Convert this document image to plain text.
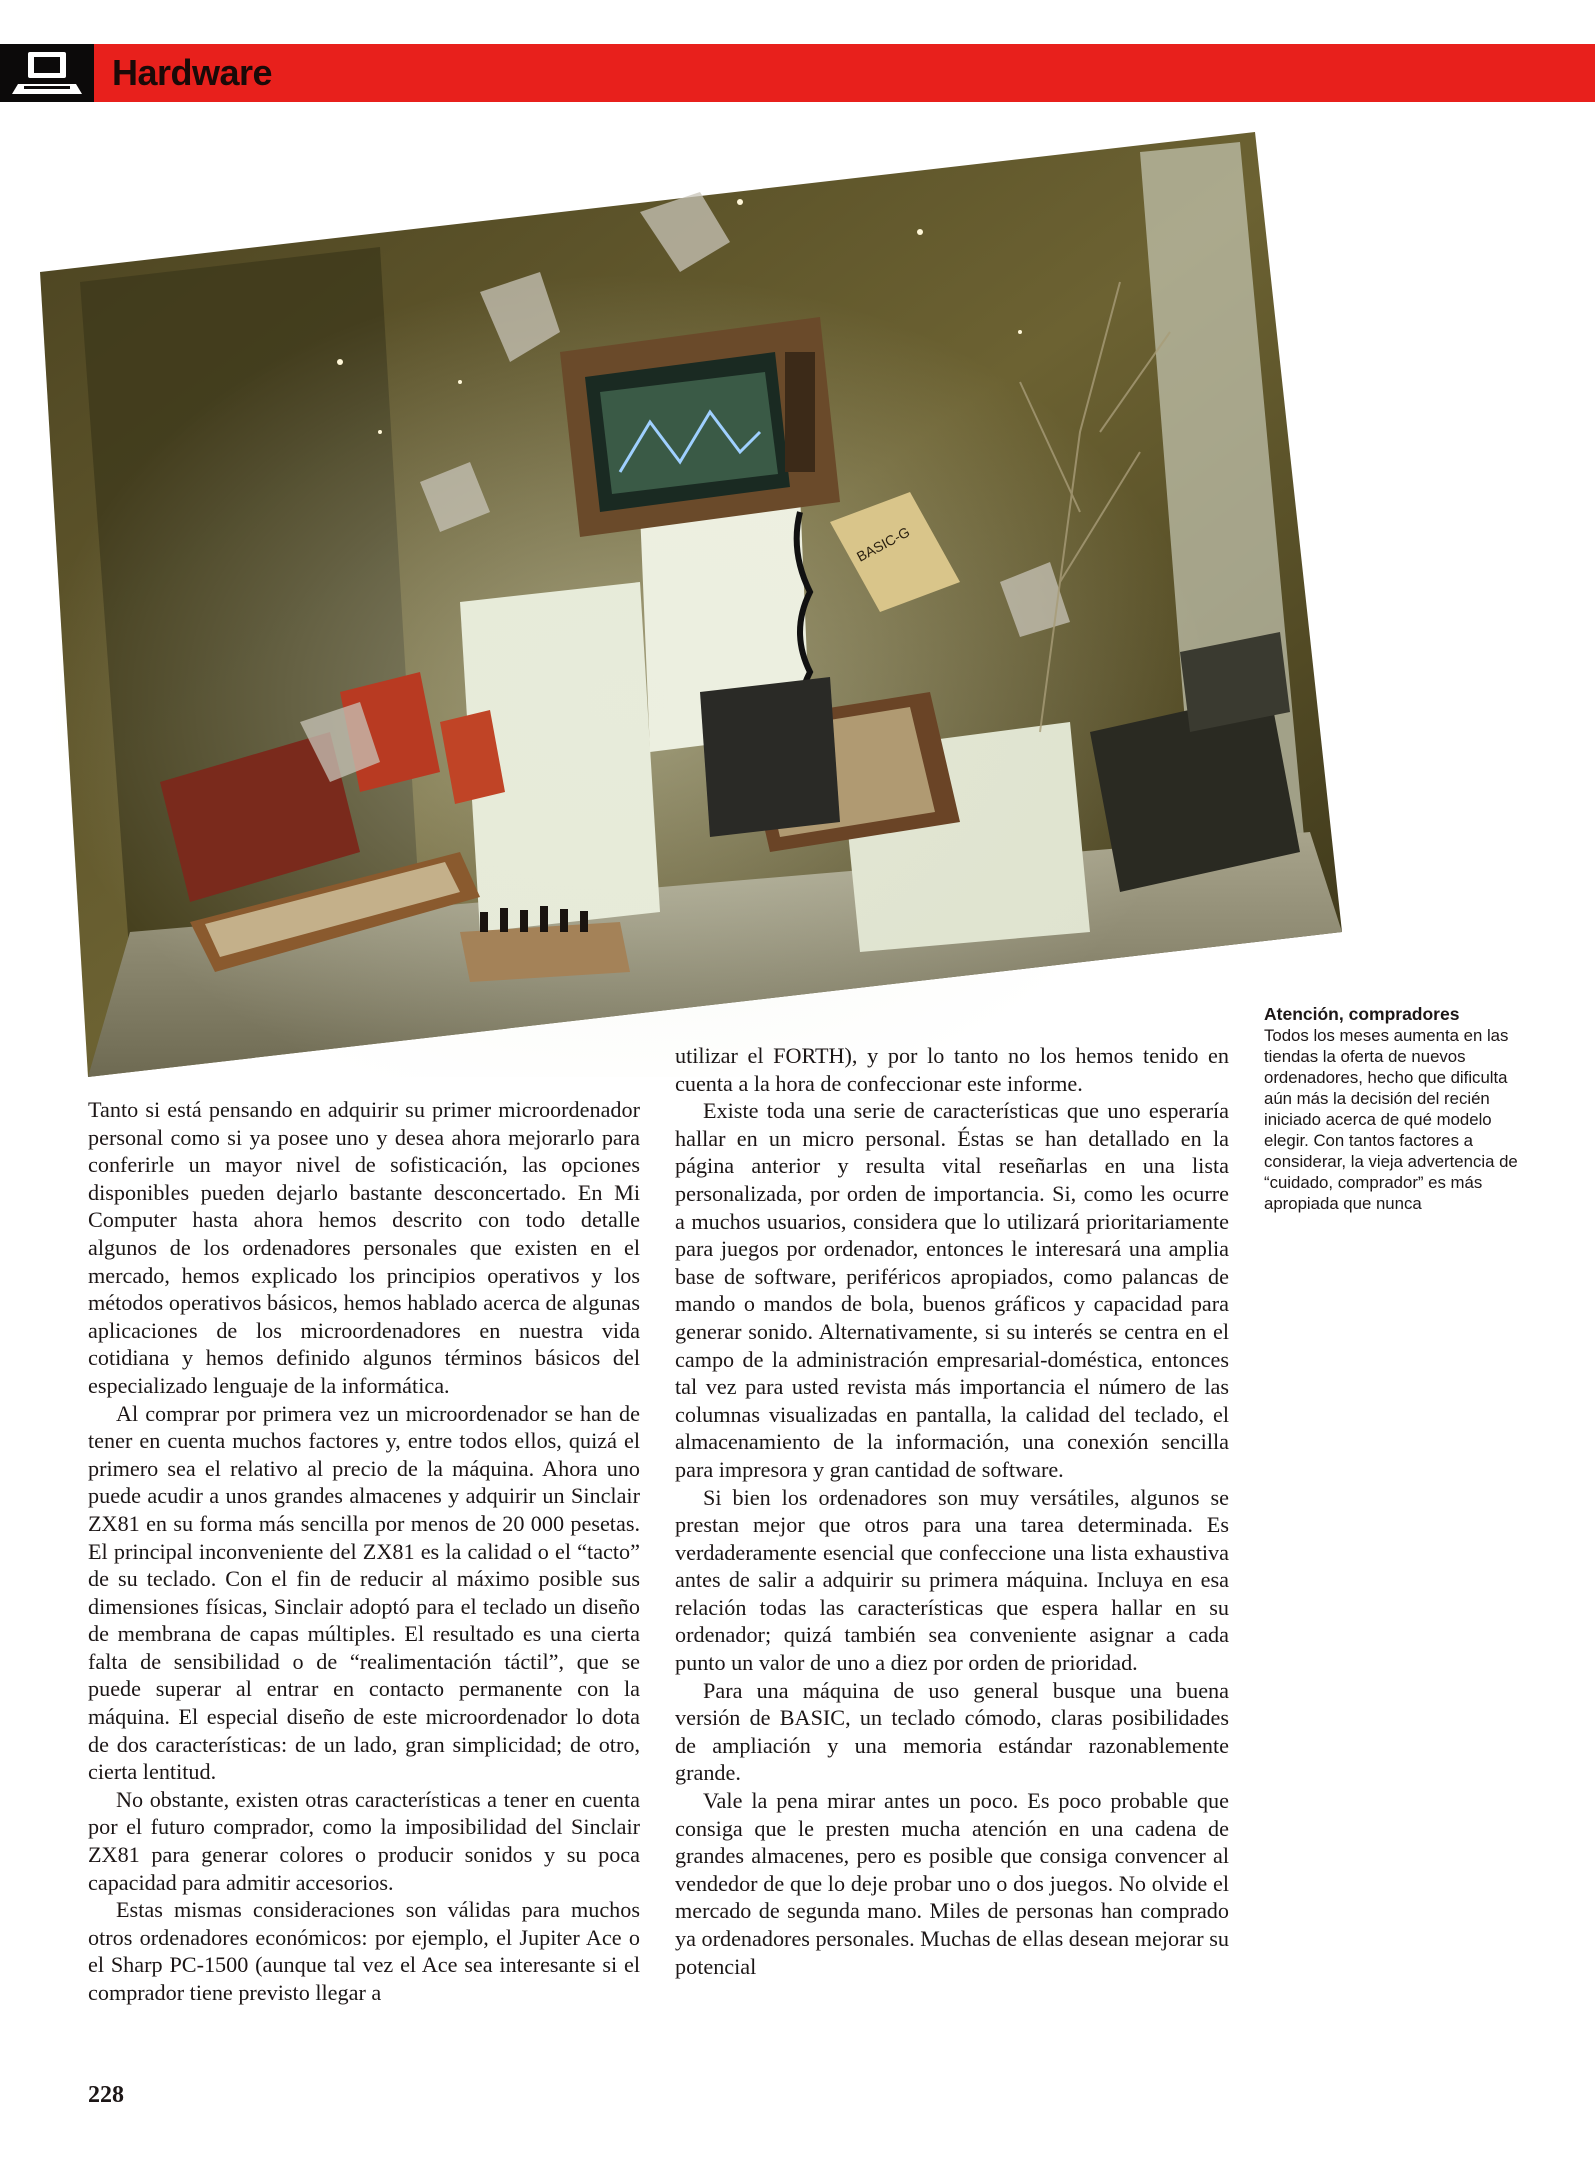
Hardware
BASIC-G
Atención, compradores
Todos los meses aumenta en las tiendas la oferta de nuevos ordenadores, hecho que dificulta aún más la decisión del recién iniciado acerca de qué modelo elegir. Con tantos factores a considerar, la vieja advertencia de “cuidado, comprador” es más apropiada que nunca

Tanto si está pensando en adquirir su primer microordenador personal como si ya posee uno y desea ahora mejorarlo para conferirle un mayor nivel de sofisticación, las opciones disponibles pueden dejarlo bastante desconcertado. En Mi Computer hasta ahora hemos descrito con todo detalle algunos de los ordenadores personales que existen en el mercado, hemos explicado los principios operativos y los métodos operativos básicos, hemos hablado acerca de algunas aplicaciones de los microordenadores en nuestra vida cotidiana y hemos definido algunos términos básicos del especializado lenguaje de la informática.

Al comprar por primera vez un microordenador se han de tener en cuenta muchos factores y, entre todos ellos, quizá el primero sea el relativo al precio de la máquina. Ahora uno puede acudir a unos grandes almacenes y adquirir un Sinclair ZX81 en su forma más sencilla por menos de 20 000 pesetas. El principal inconveniente del ZX81 es la calidad o el “tacto” de su teclado. Con el fin de reducir al máximo posible sus dimensiones físicas, Sinclair adoptó para el teclado un diseño de membrana de capas múltiples. El resultado es una cierta falta de sensibilidad o de “realimentación táctil”, que se puede superar al entrar en contacto permanente con la máquina. El especial diseño de este microordenador lo dota de dos características: de un lado, gran simplicidad; de otro, cierta lentitud.

No obstante, existen otras características a tener en cuenta por el futuro comprador, como la imposibilidad del Sinclair ZX81 para generar colores o producir sonidos y su poca capacidad para admitir accesorios.

Estas mismas consideraciones son válidas para muchos otros ordenadores económicos: por ejemplo, el Jupiter Ace o el Sharp PC-1500 (aunque tal vez el Ace sea interesante si el comprador tiene previsto llegar a

utilizar el FORTH), y por lo tanto no los hemos tenido en cuenta a la hora de confeccionar este informe.

Existe toda una serie de características que uno esperaría hallar en un micro personal. Éstas se han detallado en la página anterior y resulta vital reseñarlas en una lista personalizada, por orden de importancia. Si, como les ocurre a muchos usuarios, considera que lo utilizará prioritariamente para juegos por ordenador, entonces le interesará una amplia base de software, periféricos apropiados, como palancas de mando o mandos de bola, buenos gráficos y capacidad para generar sonido. Alternativamente, si su interés se centra en el campo de la administración empresarial-doméstica, entonces tal vez para usted revista más importancia el número de las columnas visualizadas en pantalla, la calidad del teclado, el almacenamiento de la información, una conexión sencilla para impresora y gran cantidad de software.

Si bien los ordenadores son muy versátiles, algunos se prestan mejor que otros para una tarea determinada. Es verdaderamente esencial que confeccione una lista exhaustiva antes de salir a adquirir su primera máquina. Incluya en esa relación todas las características que espera hallar en su ordenador; quizá también sea conveniente asignar a cada punto un valor de uno a diez por orden de prioridad.

Para una máquina de uso general busque una buena versión de BASIC, un teclado cómodo, claras posibilidades de ampliación y una memoria estándar razonablemente grande.

Vale la pena mirar antes un poco. Es poco probable que consiga que le presten mucha atención en una cadena de grandes almacenes, pero es posible que consiga convencer al vendedor de que lo deje probar uno o dos juegos. No olvide el mercado de segunda mano. Miles de personas han comprado ya ordenadores personales. Muchas de ellas desean mejorar su potencial

228
